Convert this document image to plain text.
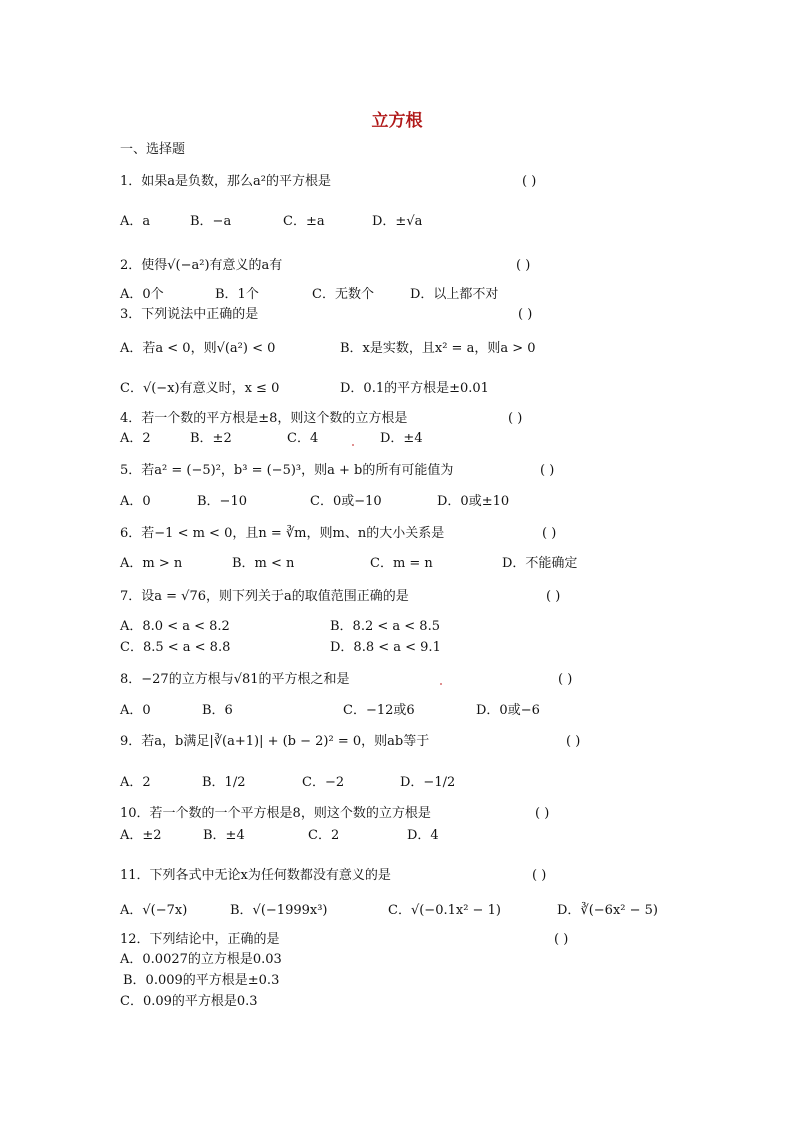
立方根
一、选择题
1．如果a是负数，那么a²的平方根是	( )
A．a	B．−a	C．±a	D．±√a
2．使得√(−a²)有意义的a有	( )
A．0个	B．1个	C．无数个	D．以上都不对
3．下列说法中正确的是	( )
A．若a < 0，则√(a²) < 0	B．x是实数，且x² = a，则a > 0
C．√(−x)有意义时，x ≤ 0	D．0.1的平方根是±0.01
4．若一个数的平方根是±8，则这个数的立方根是	( )
A．2	B．±2	C．4	D．±4
5．若a² = (−5)²，b³ = (−5)³，则a + b的所有可能值为	( )
A．0	B．−10	C．0或−10	D．0或±10
6．若−1 < m < 0，且n = ∛m，则m、n的大小关系是	( )
A．m > n	B．m < n	C．m = n	D．不能确定
7．设a = √76，则下列关于a的取值范围正确的是	( )
A．8.0 < a < 8.2	B．8.2 < a < 8.5
C．8.5 < a < 8.8	D．8.8 < a < 9.1
8．−27的立方根与√81的平方根之和是	( )
A．0	B．6	C．−12或6	D．0或−6
9．若a，b满足|∛(a+1)| + (b − 2)² = 0，则ab等于	( )
A．2	B．1/2	C．−2	D．−1/2
10．若一个数的一个平方根是8，则这个数的立方根是	( )
A．±2	B．±4	C．2	D．4
11．下列各式中无论x为任何数都没有意义的是	( )
A．√(−7x)	B．√(−1999x³)	C．√(−0.1x² − 1)	D．∛(−6x² − 5)
12．下列结论中，正确的是	( )
A．0.0027的立方根是0.03
B．0.009的平方根是±0.3
C．0.09的平方根是0.3
